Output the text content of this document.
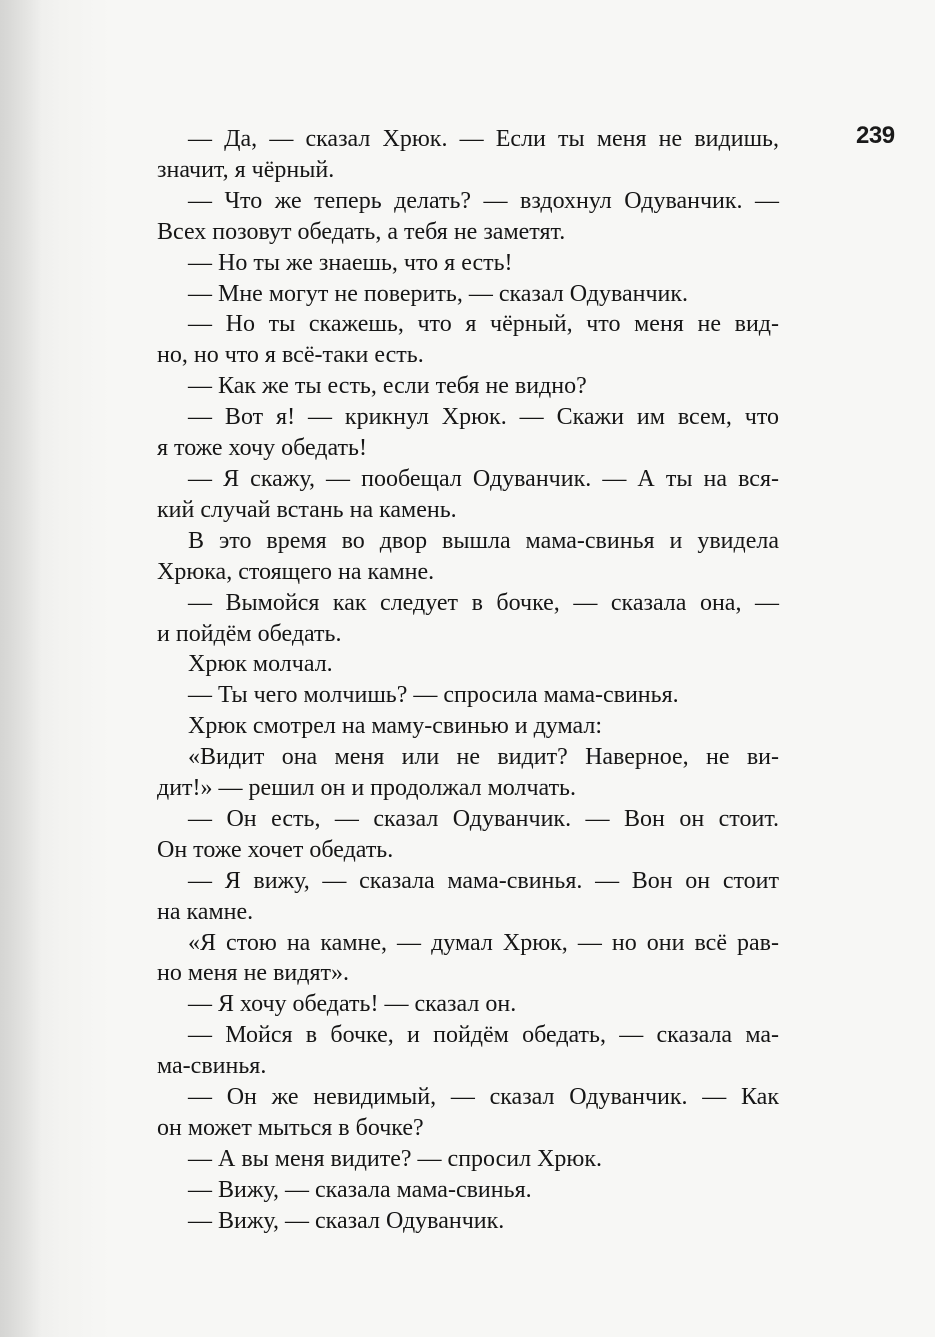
239
— Да, — сказал Хрюк. — Если ты меня не видишь,
значит, я чёрный.
— Что же теперь делать? — вздохнул Одуванчик. —
Всех позовут обедать, а тебя не заметят.
— Но ты же знаешь, что я есть!
— Мне могут не поверить, — сказал Одуванчик.
— Но ты скажешь, что я чёрный, что меня не вид-
но, но что я всё-таки есть.
— Как же ты есть, если тебя не видно?
— Вот я! — крикнул Хрюк. — Скажи им всем, что
я тоже хочу обедать!
— Я скажу, — пообещал Одуванчик. — А ты на вся-
кий случай встань на камень.
В это время во двор вышла мама-свинья и увидела
Хрюка, стоящего на камне.
— Вымойся как следует в бочке, — сказала она, —
и пойдём обедать.
Хрюк молчал.
— Ты чего молчишь? — спросила мама-свинья.
Хрюк смотрел на маму-свинью и думал:
«Видит она меня или не видит? Наверное, не ви-
дит!» — решил он и продолжал молчать.
— Он есть, — сказал Одуванчик. — Вон он стоит.
Он тоже хочет обедать.
— Я вижу, — сказала мама-свинья. — Вон он стоит
на камне.
«Я стою на камне, — думал Хрюк, — но они всё рав-
но меня не видят».
— Я хочу обедать! — сказал он.
— Мойся в бочке, и пойдём обедать, — сказала ма-
ма-свинья.
— Он же невидимый, — сказал Одуванчик. — Как
он может мыться в бочке?
— А вы меня видите? — спросил Хрюк.
— Вижу, — сказала мама-свинья.
— Вижу, — сказал Одуванчик.
